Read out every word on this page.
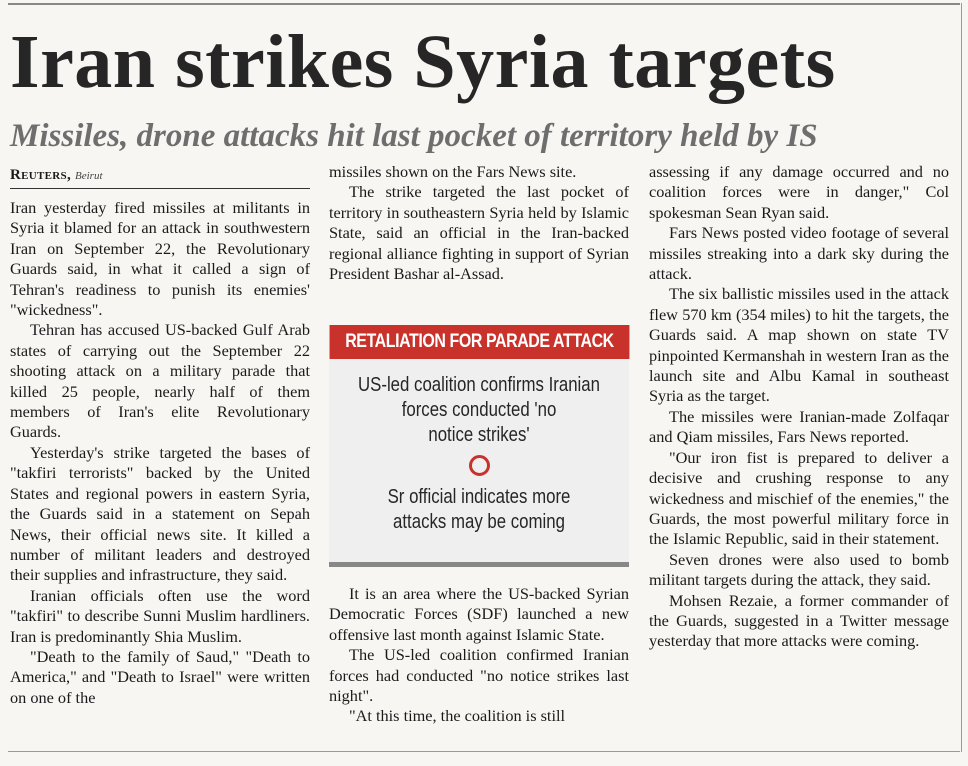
Iran strikes Syria targets
Missiles, drone attacks hit last pocket of territory held by IS
Reuters, Beirut

Iran yesterday fired missiles at militants in Syria it blamed for an attack in southwestern Iran on September 22, the Revolutionary Guards said, in what it called a sign of Tehran's readiness to punish its enemies' "wickedness".

Tehran has accused US-backed Gulf Arab states of carrying out the September 22 shooting attack on a military parade that killed 25 people, nearly half of them members of Iran's elite Revolutionary Guards.

Yesterday's strike targeted the bases of "takfiri terrorists" backed by the United States and regional powers in eastern Syria, the Guards said in a statement on Sepah News, their official news site. It killed a number of militant leaders and destroyed their supplies and infrastructure, they said.

Iranian officials often use the word "takfiri" to describe Sunni Muslim hardliners. Iran is predominantly Shia Muslim.

"Death to the family of Saud," "Death to America," and "Death to Israel" were written on one of the

missiles shown on the Fars News site.

The strike targeted the last pocket of territory in southeastern Syria held by Islamic State, said an official in the Iran-backed regional alliance fighting in support of Syrian President Bashar al-Assad.

RETALIATION FOR PARADE ATTACK
US-led coalition confirms Iranian
forces conducted 'no
notice strikes'
Sr official indicates more
attacks may be coming

It is an area where the US-backed Syrian Democratic Forces (SDF) launched a new offensive last month against Islamic State.

The US-led coalition confirmed Iranian forces had conducted "no notice strikes last night".

"At this time, the coalition is still

assessing if any damage occurred and no coalition forces were in danger," Col spokesman Sean Ryan said.

Fars News posted video footage of several missiles streaking into a dark sky during the attack.

The six ballistic missiles used in the attack flew 570 km (354 miles) to hit the targets, the Guards said. A map shown on state TV pinpointed Kermanshah in western Iran as the launch site and Albu Kamal in southeast Syria as the target.

The missiles were Iranian-made Zolfaqar and Qiam missiles, Fars News reported.

"Our iron fist is prepared to deliver a decisive and crushing response to any wickedness and mischief of the enemies," the Guards, the most powerful military force in the Islamic Republic, said in their statement.

Seven drones were also used to bomb militant targets during the attack, they said.

Mohsen Rezaie, a former commander of the Guards, suggested in a Twitter message yesterday that more attacks were coming.
